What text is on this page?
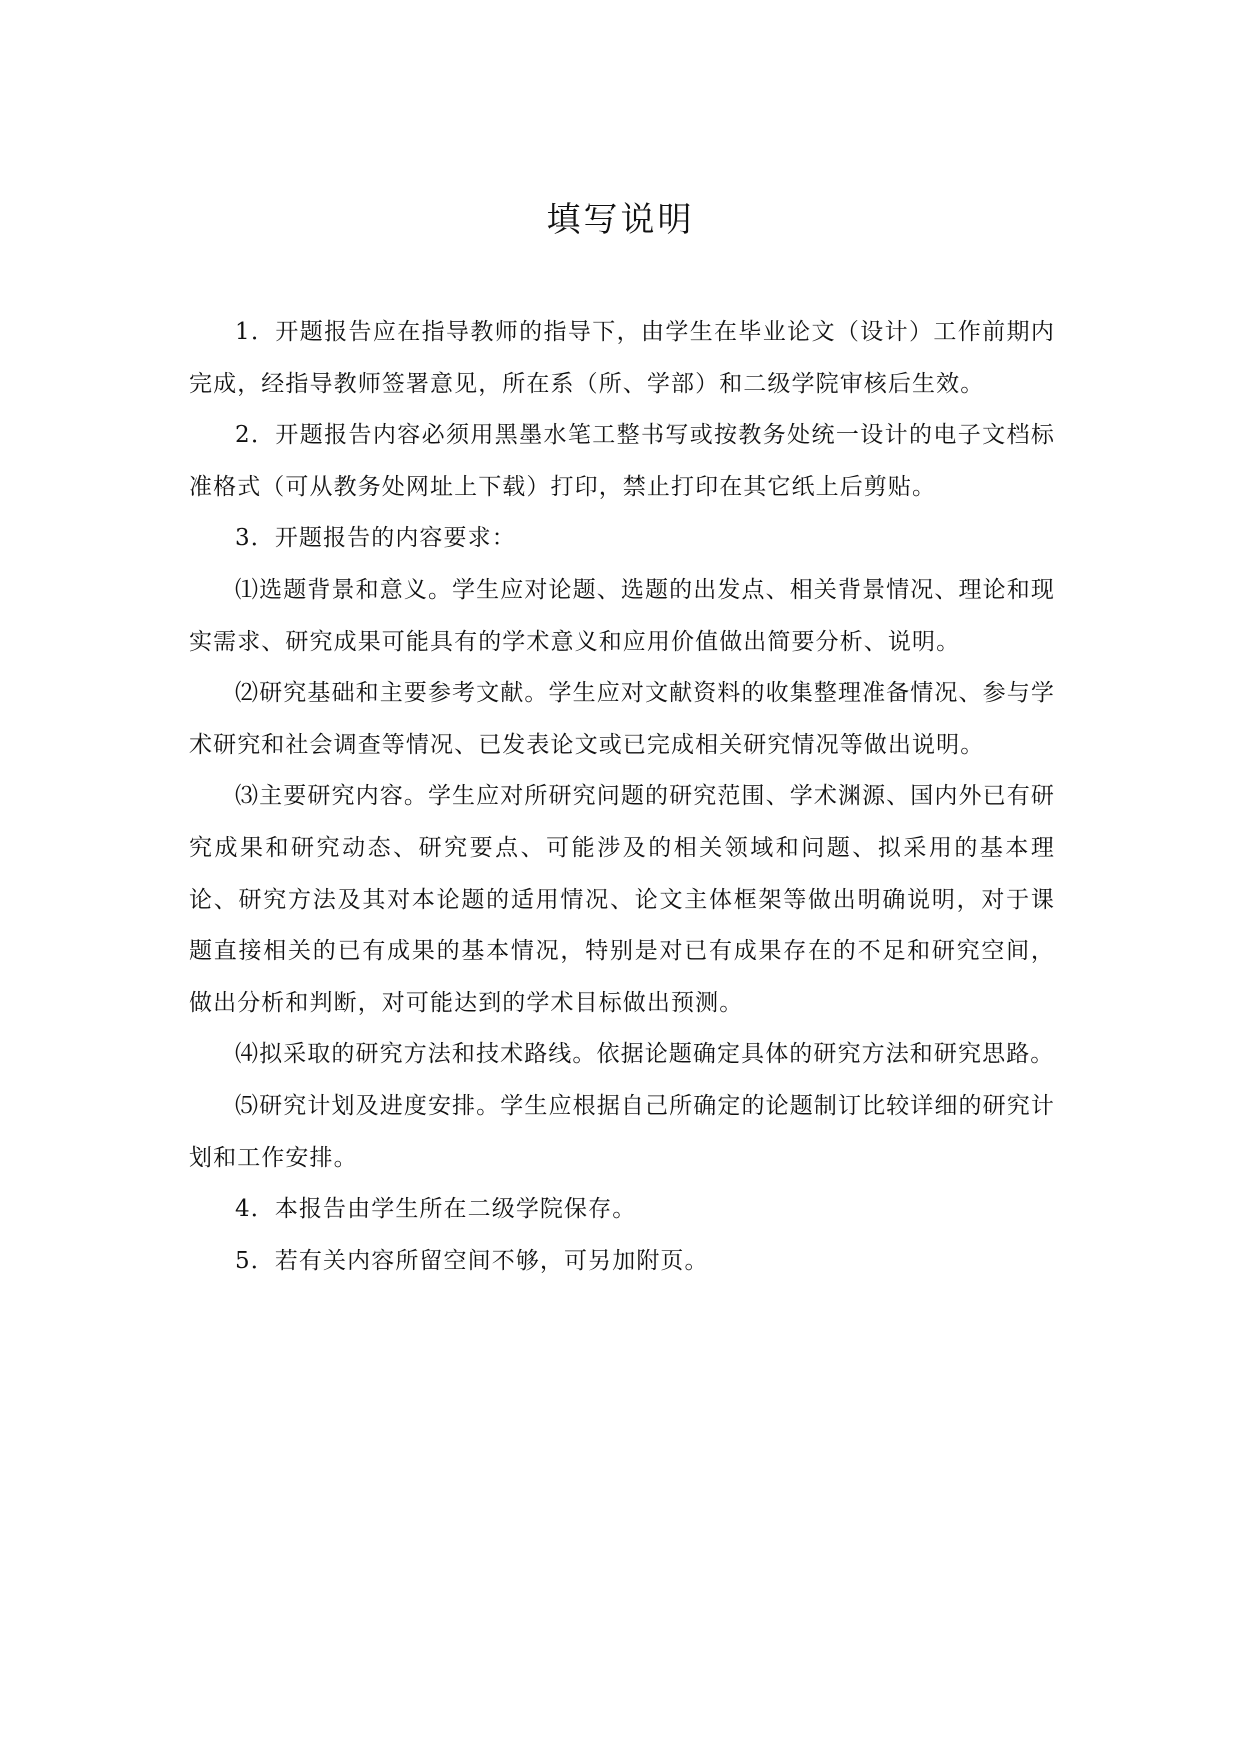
填写说明

1．开题报告应在指导教师的指导下，由学生在毕业论文（设计）工作前期内完成，经指导教师签署意见，所在系（所、学部）和二级学院审核后生效。

2．开题报告内容必须用黑墨水笔工整书写或按教务处统一设计的电子文档标准格式（可从教务处网址上下载）打印，禁止打印在其它纸上后剪贴。

3．开题报告的内容要求：

⑴选题背景和意义。学生应对论题、选题的出发点、相关背景情况、理论和现实需求、研究成果可能具有的学术意义和应用价值做出简要分析、说明。

⑵研究基础和主要参考文献。学生应对文献资料的收集整理准备情况、参与学术研究和社会调查等情况、已发表论文或已完成相关研究情况等做出说明。

⑶主要研究内容。学生应对所研究问题的研究范围、学术渊源、国内外已有研究成果和研究动态、研究要点、可能涉及的相关领域和问题、拟采用的基本理论、研究方法及其对本论题的适用情况、论文主体框架等做出明确说明，对于课题直接相关的已有成果的基本情况，特别是对已有成果存在的不足和研究空间，做出分析和判断，对可能达到的学术目标做出预测。

⑷拟采取的研究方法和技术路线。依据论题确定具体的研究方法和研究思路。

⑸研究计划及进度安排。学生应根据自己所确定的论题制订比较详细的研究计划和工作安排。

4．本报告由学生所在二级学院保存。

5．若有关内容所留空间不够，可另加附页。
